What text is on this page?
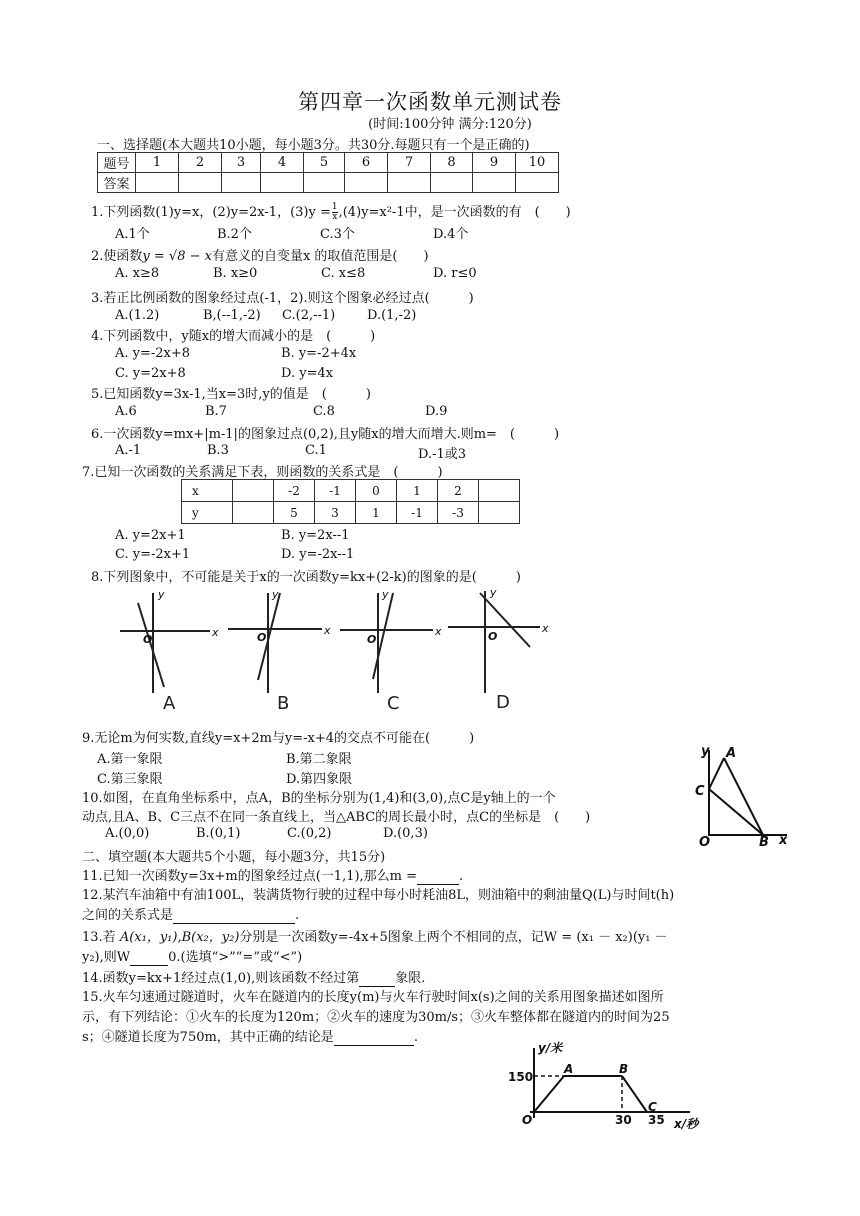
第四章一次函数单元测试卷
(时间:100分钟 满分:120分)
一、选择题(本大题共10小题，每小题3分。共30分.每题只有一个是正确的)
题号	1	2	3	4	5	6	7	8	9	10
答案										
1.下列函数(1)y=x，(2)y=2x-1，$(3)y = \frac{1}{x} ,(4)y=x^2-1$中，是一次函数的有　(　　)
A.1个	B.2个	C.3个	D.4个
2.使函数y = √8 − x有意义的自变量x 的取值范围是(　　)
A. x≥8	B. x≥0	C. x≤8	D. r≤0
3.若正比例函数的图象经过点(-1，2).则这个图象必经过点(　　　)
A.(1.2)	B,(--1,-2) C.(2,--1) D.(1,-2)
4.下列函数中，y随x的增大而减小的是　(　　　)
A. y=-2x+8	B. y=-2+4x
C. y=2x+8	D. y=4x
5.已知函数y=3x-1,当x=3时,y的值是　(　　　)
A.6	B.7	C.8	D.9
6.一次函数y=mx+|m-1|的图象过点(0,2),且y随x的增大而增大.则m=　(　　　)
A.-1	B.3	C.1	D.-1或3
7.已知一次函数的关系满足下表，则函数的关系式是　(　　　)
x		-2	-1	0	1	2	
y		5	3	1	-1	-3	
A. y=2x+1	B. y=2x--1
C. y=-2x+1	D. y=-2x--1
8.下列图象中，不可能是关于x的一次函数y=kx+(2-k)的图象的是(　　　)
y
x
O
y
x
O
y
x
O
y
x
O
A	B	C	D
9.无论m为何实数,直线y=x+2m与y=-x+4的交点不可能在(　　　)
A.第一象限	B.第二象限
C.第三象限	D.第四象限
y A
C
O	B x
10.如图，在直角坐标系中，点A，B的坐标分别为(1,4)和(3,0),点C是y轴上的一个
动点,且A、B、C三点不在同一条直线上，当△ABC的周长最小时，点C的坐标是　(　　)
A.(0,0)	B.(0,1)	C.(0,2)	D.(0,3)
二、填空题(本大题共5个小题，每小题3分，共15分)
11.已知一次函数y=3x+m的图象经过点(一1,1),那么m =	.
12.某汽车油箱中有油100L，装满货物行驶的过程中每小时耗油8L，则油箱中的剩油量Q(L)与时间t(h)
之间的关系式是	.
13.若 A(x₁，y₁),B(x₂，y₂)分别是一次函数y=-4x+5图象上两个不相同的点，记W = (x₁ － x₂)(y₁ －
y₂),则W	0.(选填“>”“=”或“<”)
14.函数y=kx+1经过点(1,0),则该函数不经过第	象限.
15.火车匀速通过隧道时，火车在隧道内的长度y(m)与火车行驶时间x(s)之间的关系用图象描述如图所
示，有下列结论：①火车的长度为120m；②火车的速度为30m/s；③火车整体都在隧道内的时间为25
s；④隧道长度为750m，其中正确的结论是	.
y/米
150
A	B
C
O	30 35 x/秒
